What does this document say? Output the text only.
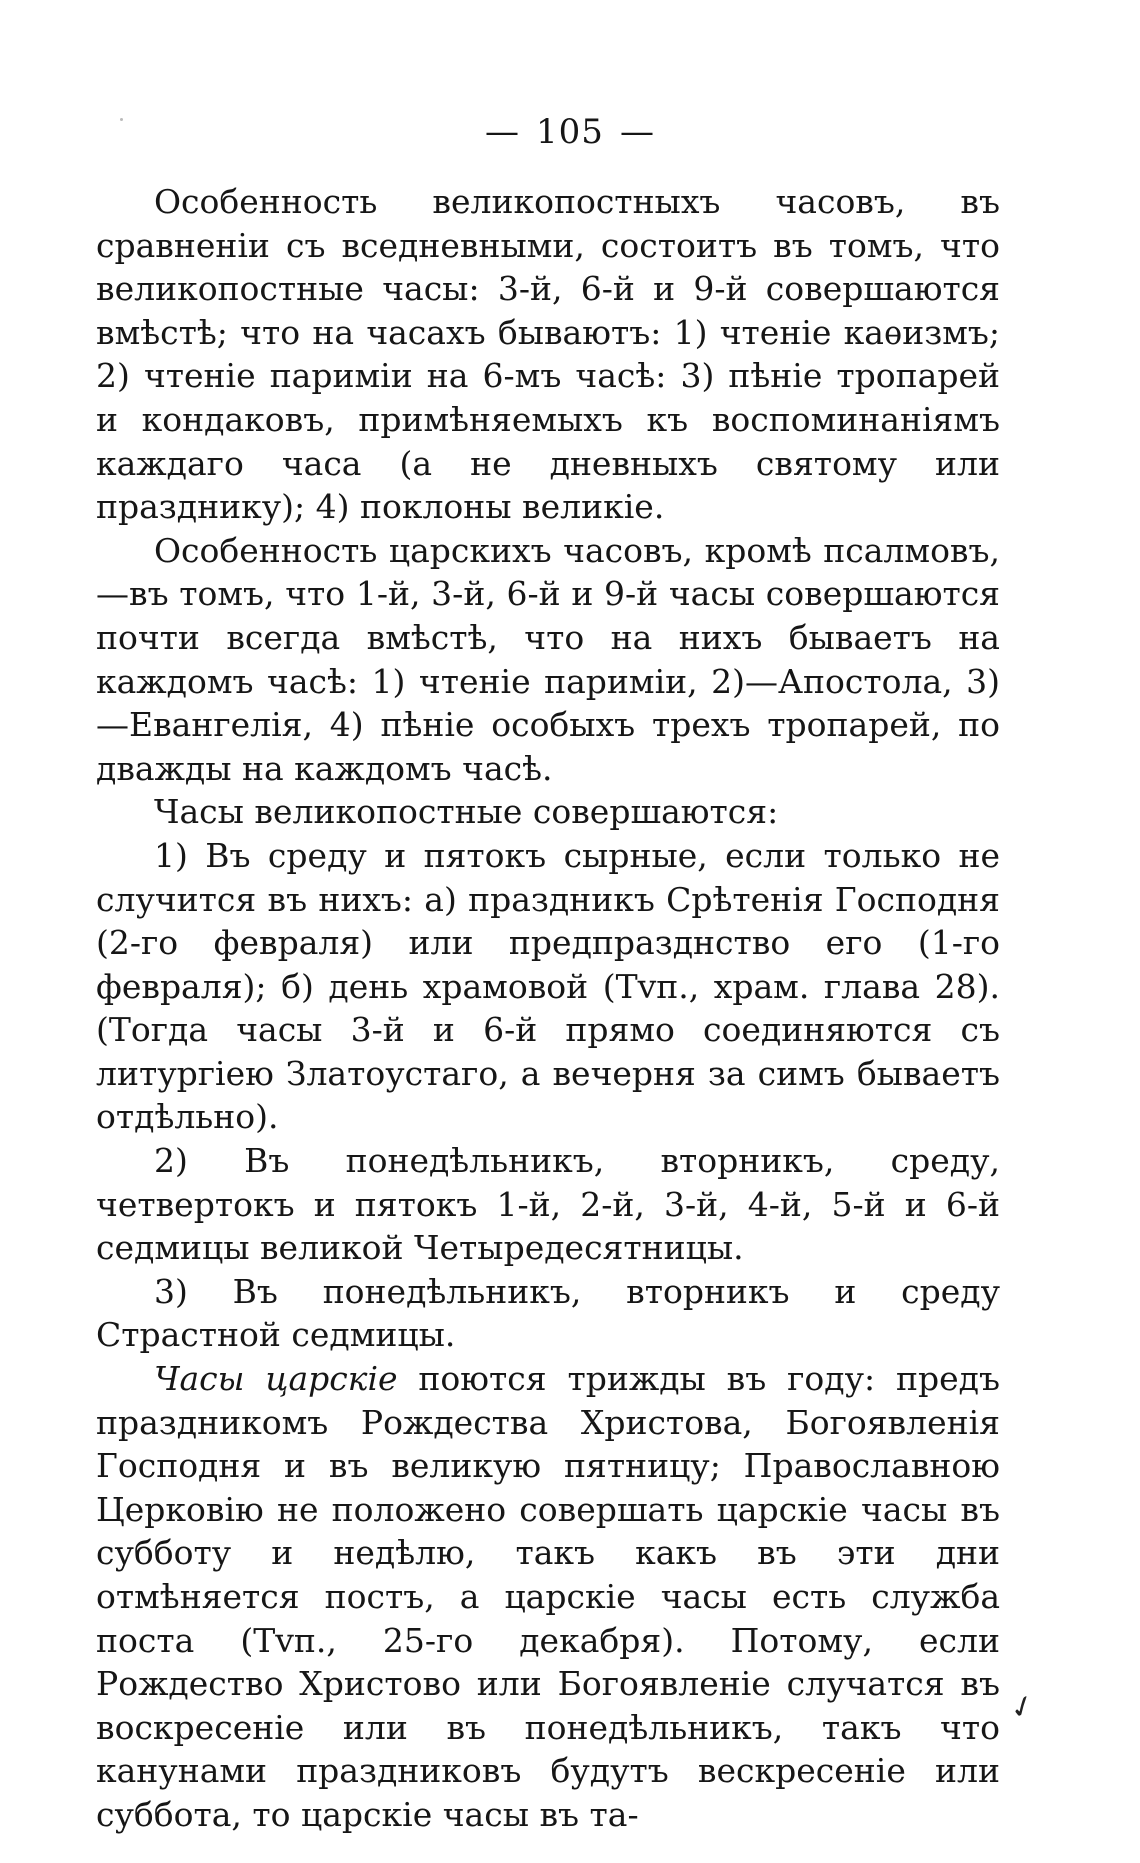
— 105 —

Особенность великопостныхъ часовъ, въ сравненіи съ вседневными, состоитъ въ томъ, что великопостные часы: 3-й, 6-й и 9-й совершаются вмѣстѣ; что на часахъ бываютъ: 1) чтеніе каѳизмъ; 2) чтеніе париміи на 6-мъ часѣ: 3) пѣніе тропарей и кондаковъ, примѣняемыхъ къ воспоминаніямъ каждаго часа (а не дневныхъ святому или празднику); 4) поклоны великіе.

Особенность царскихъ часовъ, кромѣ псалмовъ,—въ томъ, что 1-й, 3-й, 6-й и 9-й часы совершаются почти всегда вмѣстѣ, что на нихъ бываетъ на каждомъ часѣ: 1) чтеніе париміи, 2)—Апостола, 3)—Евангелія, 4) пѣніе особыхъ трехъ тропарей, по дважды на каждомъ часѣ.

Часы великопостные совершаются:

1) Въ среду и пятокъ сырные, если только не случится въ нихъ: а) праздникъ Срѣтенія Господня (2-го февраля) или предпразднство его (1-го февраля); б) день храмовой (Тvп., храм. глава 28). (Тогда часы 3-й и 6-й прямо соединяются съ литургіею Златоустаго, а вечерня за симъ бываетъ отдѣльно).

2) Въ понедѣльникъ, вторникъ, среду, четвертокъ и пятокъ 1-й, 2-й, 3-й, 4-й, 5-й и 6-й седмицы великой Четыредесятницы.

3) Въ понедѣльникъ, вторникъ и среду Страстной седмицы.

Часы царскіе поются трижды въ году: предъ праздникомъ Рождества Христова, Богоявленія Господня и въ великую пятницу; Православною Церковію не положено совершать царскіе часы въ субботу и недѣлю, такъ какъ въ эти дни отмѣняется постъ, а царскіе часы есть служба поста (Тvп., 25-го декабря). Потому, если Рождество Христово или Богоявленіе случатся въ воскресеніе или въ понедѣльникъ, такъ что канунами праздниковъ будутъ вескресеніе или суббота, то царскіе часы въ та-

✓
